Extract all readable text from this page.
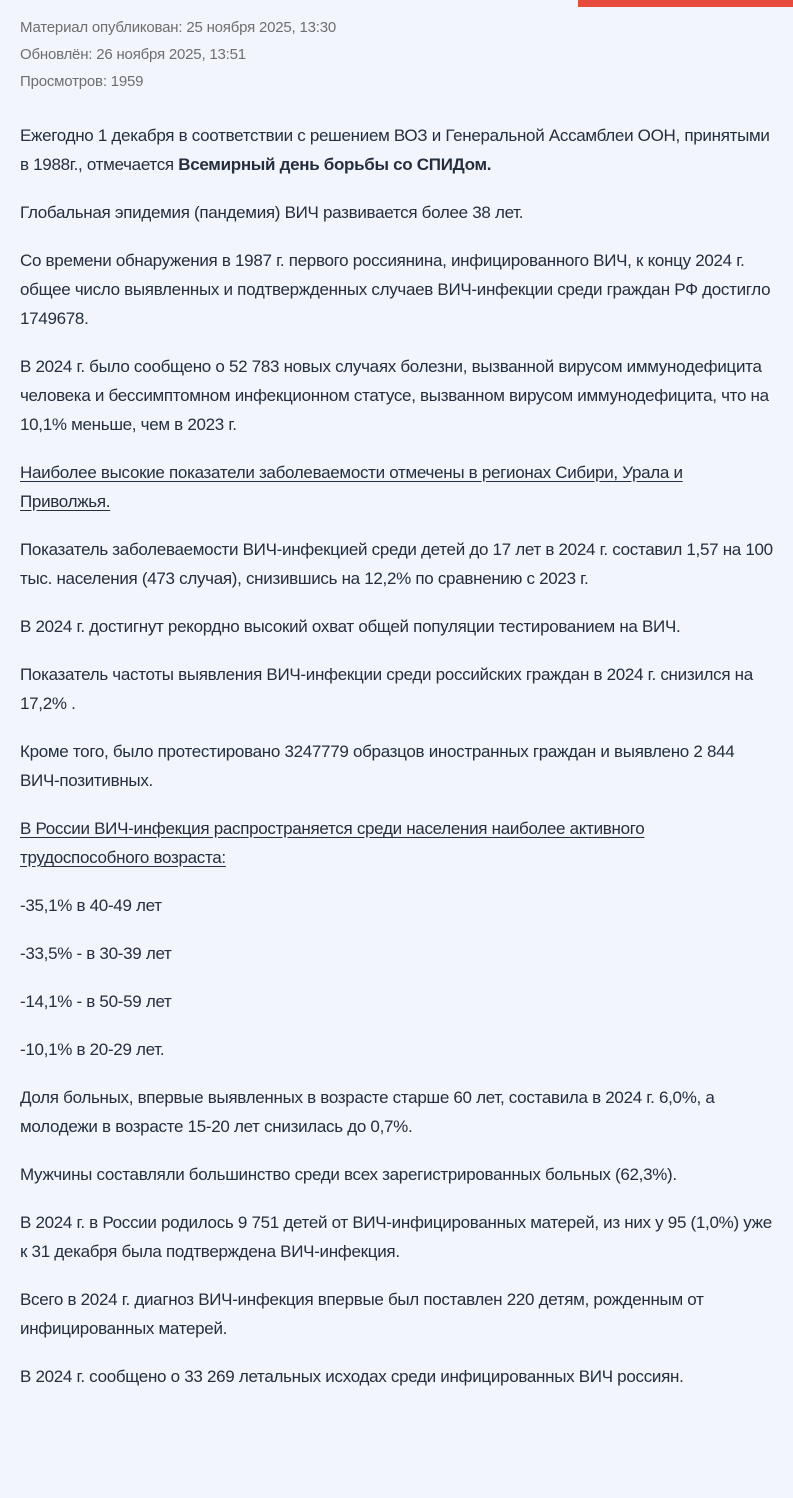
Материал опубликован: 25 ноября 2025, 13:30
Обновлён: 26 ноября 2025, 13:51
Просмотров: 1959

Ежегодно 1 декабря в соответствии с решением ВОЗ и Генеральной Ассамблеи ООН, принятыми в 1988г., отмечается Всемирный день борьбы со СПИДом.

Глобальная эпидемия (пандемия) ВИЧ развивается более 38 лет.

Со времени обнаружения в 1987 г. первого россиянина, инфицированного ВИЧ, к концу 2024 г. общее число выявленных и подтвержденных случаев ВИЧ-инфекции среди граждан РФ достигло 1749678.

В 2024 г. было сообщено о 52 783 новых случаях болезни, вызванной вирусом иммунодефицита человека и бессимптомном инфекционном статусе, вызванном вирусом иммунодефицита, что на 10,1% меньше, чем в 2023 г.

Наиболее высокие показатели заболеваемости отмечены в регионах Сибири, Урала и Приволжья.

Показатель заболеваемости ВИЧ-инфекцией среди детей до 17 лет в 2024 г. составил 1,57 на 100 тыс. населения (473 случая), снизившись на 12,2% по сравнению с 2023 г.

В 2024 г. достигнут рекордно высокий охват общей популяции тестированием на ВИЧ.

Показатель частоты выявления ВИЧ-инфекции среди российских граждан в 2024 г. снизился на 17,2% .

Кроме того, было протестировано 3247779 образцов иностранных граждан и выявлено 2 844 ВИЧ-позитивных.

В России ВИЧ-инфекция распространяется среди населения наиболее активного трудоспособного возраста:

-35,1% в 40-49 лет

-33,5% - в 30-39 лет

-14,1% - в 50-59 лет

-10,1% в 20-29 лет.

Доля больных, впервые выявленных в возрасте старше 60 лет, составила в 2024 г. 6,0%, а молодежи в возрасте 15-20 лет снизилась до 0,7%.

Мужчины составляли большинство среди всех зарегистрированных больных (62,3%).

В 2024 г. в России родилось 9 751 детей от ВИЧ-инфицированных матерей, из них у 95 (1,0%) уже к 31 декабря была подтверждена ВИЧ-инфекция.

Всего в 2024 г. диагноз ВИЧ-инфекция впервые был поставлен 220 детям, рожденным от инфицированных матерей.

В 2024 г. сообщено о 33 269 летальных исходах среди инфицированных ВИЧ россиян.
